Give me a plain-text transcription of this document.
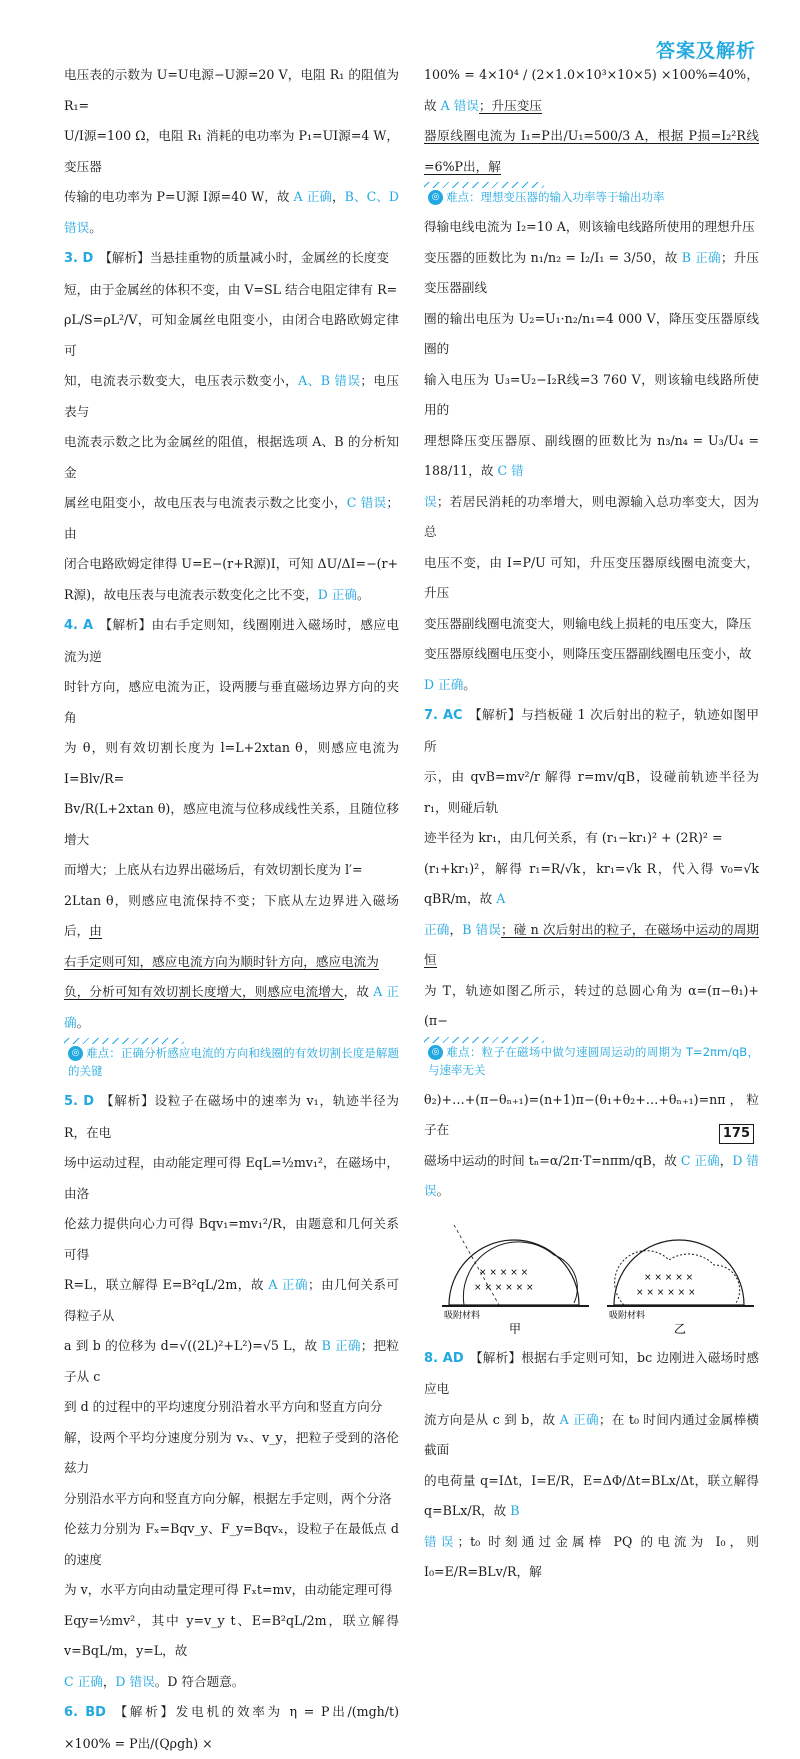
答案及解析

电压表的示数为 U=U电源−U源=20 V，电阻 R₁ 的阻值为 R₁=

U/I源=100 Ω，电阻 R₁ 消耗的电功率为 P₁=UI源=4 W，变压器

传输的电功率为 P=U源 I源=40 W，故 A 正确，B、C、D 错误。

3. D 【解析】当悬挂重物的质量减小时，金属丝的长度变

短，由于金属丝的体积不变，由 V=SL 结合电阻定律有 R=

ρL/S=ρL²/V，可知金属丝电阻变小，由闭合电路欧姆定律可

知，电流表示数变大，电压表示数变小，A、B 错误；电压表与

电流表示数之比为金属丝的阻值，根据选项 A、B 的分析知金

属丝电阻变小，故电压表与电流表示数之比变小，C 错误；由

闭合电路欧姆定律得 U=E−(r+R源)I，可知 ΔU/ΔI=−(r+

R源)，故电压表与电流表示数变化之比不变，D 正确。

4. A 【解析】由右手定则知，线圈刚进入磁场时，感应电流为逆

时针方向，感应电流为正，设两腰与垂直磁场边界方向的夹角

为 θ，则有效切割长度为 l=L+2xtan θ，则感应电流为 I=Blv/R=

Bv/R(L+2xtan θ)，感应电流与位移成线性关系，且随位移增大

而增大；上底从右边界出磁场后，有效切割长度为 l′=

2Ltan θ，则感应电流保持不变；下底从左边界进入磁场后，由

右手定则可知，感应电流方向为顺时针方向，感应电流为

负，分析可知有效切割长度增大，则感应电流增大，故 A 正确。

◎ 难点：正确分析感应电流的方向和线圈的有效切割长度是解题的关键

5. D 【解析】设粒子在磁场中的速率为 v₁，轨迹半径为 R，在电

场中运动过程，由动能定理可得 EqL=½mv₁²，在磁场中，由洛

伦兹力提供向心力可得 Bqv₁=mv₁²/R，由题意和几何关系可得

R=L，联立解得 E=B²qL/2m，故 A 正确；由几何关系可得粒子从

a 到 b 的位移为 d=√((2L)²+L²)=√5 L，故 B 正确；把粒子从 c

到 d 的过程中的平均速度分别沿着水平方向和竖直方向分

解，设两个平均分速度分别为 vₓ、v_y，把粒子受到的洛伦兹力

分别沿水平方向和竖直方向分解，根据左手定则，两个分洛

伦兹力分别为 Fₓ=Bqv_y、F_y=Bqvₓ，设粒子在最低点 d 的速度

为 v，水平方向由动量定理可得 Fₓt=mv，由动能定理可得

Eqy=½mv²，其中 y=v_y t、E=B²qL/2m，联立解得 v=BqL/m，y=L，故

C 正确，D 错误。D 符合题意。

6. BD 【解析】发电机的效率为 η = P出/(mgh/t) ×100% = P出/(Qρgh) ×

100% = 4×10⁴ / (2×1.0×10³×10×5) ×100%=40%，故 A 错误；升压变压

器原线圈电流为 I₁=P出/U₁=500/3 A，根据 P损=I₂²R线=6%P出，解

◎ 难点：理想变压器的输入功率等于输出功率

得输电线电流为 I₂=10 A，则该输电线路所使用的理想升压

变压器的匝数比为 n₁/n₂ = I₂/I₁ = 3/50，故 B 正确；升压变压器副线

圈的输出电压为 U₂=U₁·n₂/n₁=4 000 V，降压变压器原线圈的

输入电压为 U₃=U₂−I₂R线=3 760 V，则该输电线路所使用的

理想降压变压器原、副线圈的匝数比为 n₃/n₄ = U₃/U₄ = 188/11，故 C 错

误；若居民消耗的功率增大，则电源输入总功率变大，因为总

电压不变，由 I=P/U 可知，升压变压器原线圈电流变大，升压

变压器副线圈电流变大，则输电线上损耗的电压变大，降压

变压器原线圈电压变小，则降压变压器副线圈电压变小，故

D 正确。

7. AC 【解析】与挡板碰 1 次后射出的粒子，轨迹如图甲所

示，由 qvB=mv²/r 解得 r=mv/qB，设碰前轨迹半径为 r₁，则碰后轨

迹半径为 kr₁，由几何关系，有 (r₁−kr₁)² + (2R)² =

(r₁+kr₁)²，解得 r₁=R/√k，kr₁=√k R，代入得 v₀=√k qBR/m，故 A

正确，B 错误；碰 n 次后射出的粒子，在磁场中运动的周期恒

为 T，轨迹如图乙所示，转过的总圆心角为 α=(π−θ₁)+(π−

◎ 难点：粒子在磁场中做匀速圆周运动的周期为 T=2πm/qB，与速率无关

θ₂)+…+(π−θₙ₊₁)=(n+1)π−(θ₁+θ₂+…+θₙ₊₁)=nπ，粒子在

磁场中运动的时间 tₙ=α/2π·T=nπm/qB，故 C 正确，D 错误。

× × × × ×
× × × × × ×
吸附材料
甲
× × × × ×
× × × × × ×
吸附材料
乙

8. AD 【解析】根据右手定则可知，bc 边刚进入磁场时感应电

流方向是从 c 到 b，故 A 正确；在 t₀ 时间内通过金属棒横截面

的电荷量 q=IΔt，I=E/R，E=ΔΦ/Δt=BLx/Δt，联立解得 q=BLx/R，故 B

错误；t₀ 时刻通过金属棒 PQ 的电流为 I₀，则 I₀=E/R=BLv/R，解

175
